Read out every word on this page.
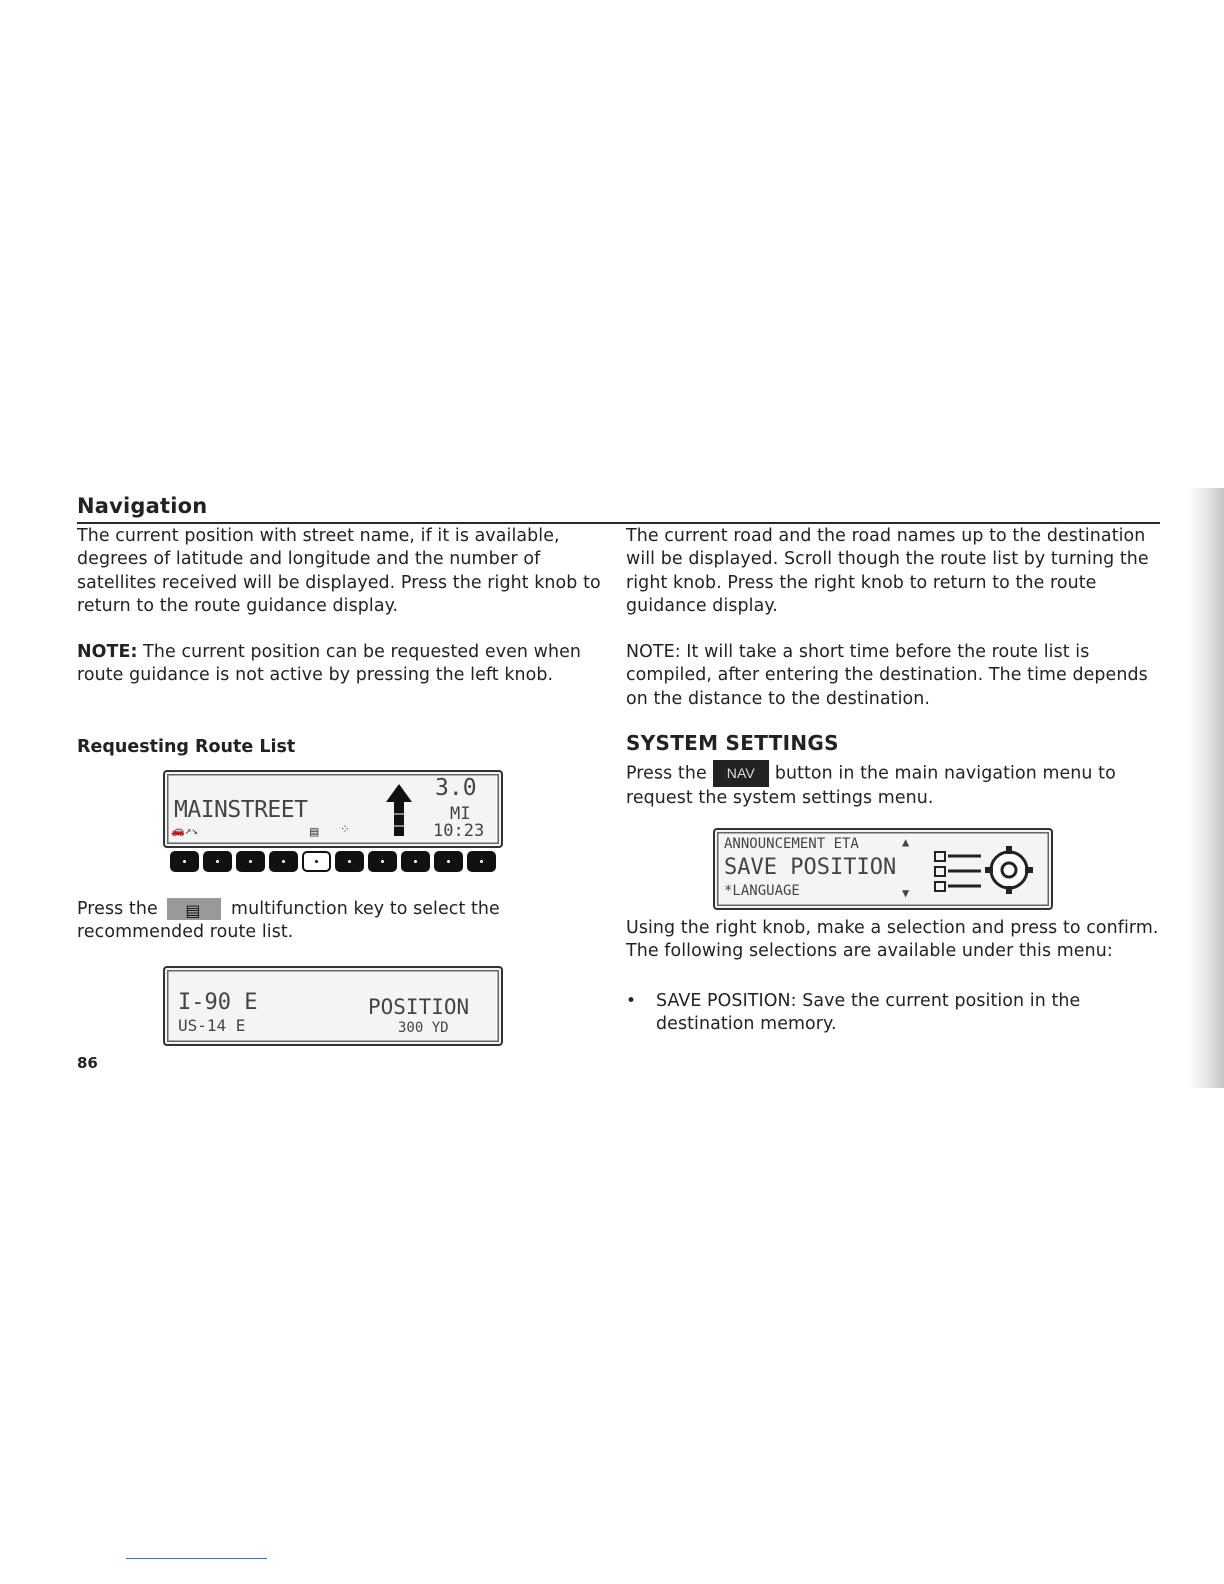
Navigation
The current position with street name, if it is available, degrees of latitude and longitude and the number of satellites received will be displayed. Press the right knob to return to the route guidance display.
NOTE: The current position can be requested even when route guidance is not active by pressing the left knob.
Requesting Route List
MAINSTREET
🚗↗↘	▤ ⁘
3.0
MI
10:23
Press the ▤ multifunction key to select the recommended route list.
I-90 E
US-14 E
POSITION
300 YD
86
The current road and the road names up to the destination will be displayed. Scroll though the route list by turning the right knob. Press the right knob to return to the route guidance display.
NOTE: It will take a short time before the route list is compiled, after entering the destination. The time depends on the distance to the destination.
SYSTEM SETTINGS
Press the NAV button in the main navigation menu to request the system settings menu.
ANNOUNCEMENT ETA	▲
SAVE POSITION
*LANGUAGE	▼
Using the right knob, make a selection and press to confirm. The following selections are available under this menu:
• SAVE POSITION: Save the current position in the destination memory.
